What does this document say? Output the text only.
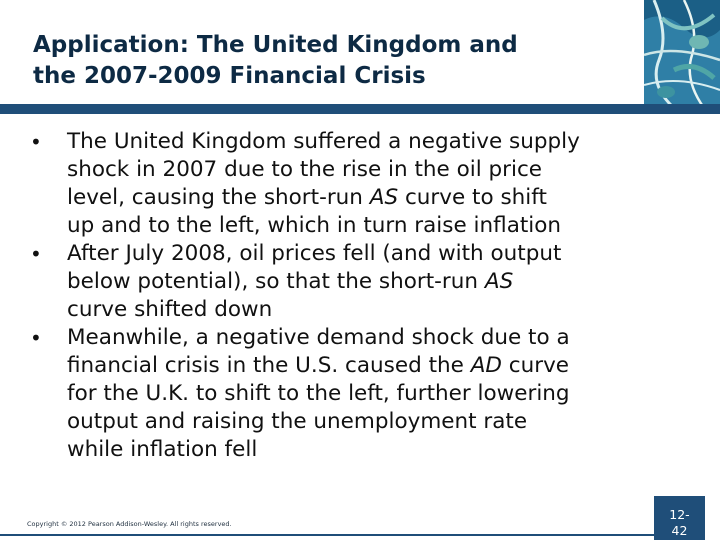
Application: The United Kingdom and
the 2007-2009 Financial Crisis
•	The United Kingdom suffered a negative supply
shock in 2007 due to the rise in the oil price
level, causing the short-run AS curve to shift
up and to the left, which in turn raise inflation
•	After July 2008, oil prices fell (and with output
below potential), so that the short-run AS
curve shifted down
•	Meanwhile, a negative demand shock due to a
financial crisis in the U.S. caused the AD curve
for the U.K. to shift to the left, further lowering
output and raising the unemployment rate
while inflation fell
Copyright © 2012 Pearson Addison-Wesley. All rights reserved.
12-
42
